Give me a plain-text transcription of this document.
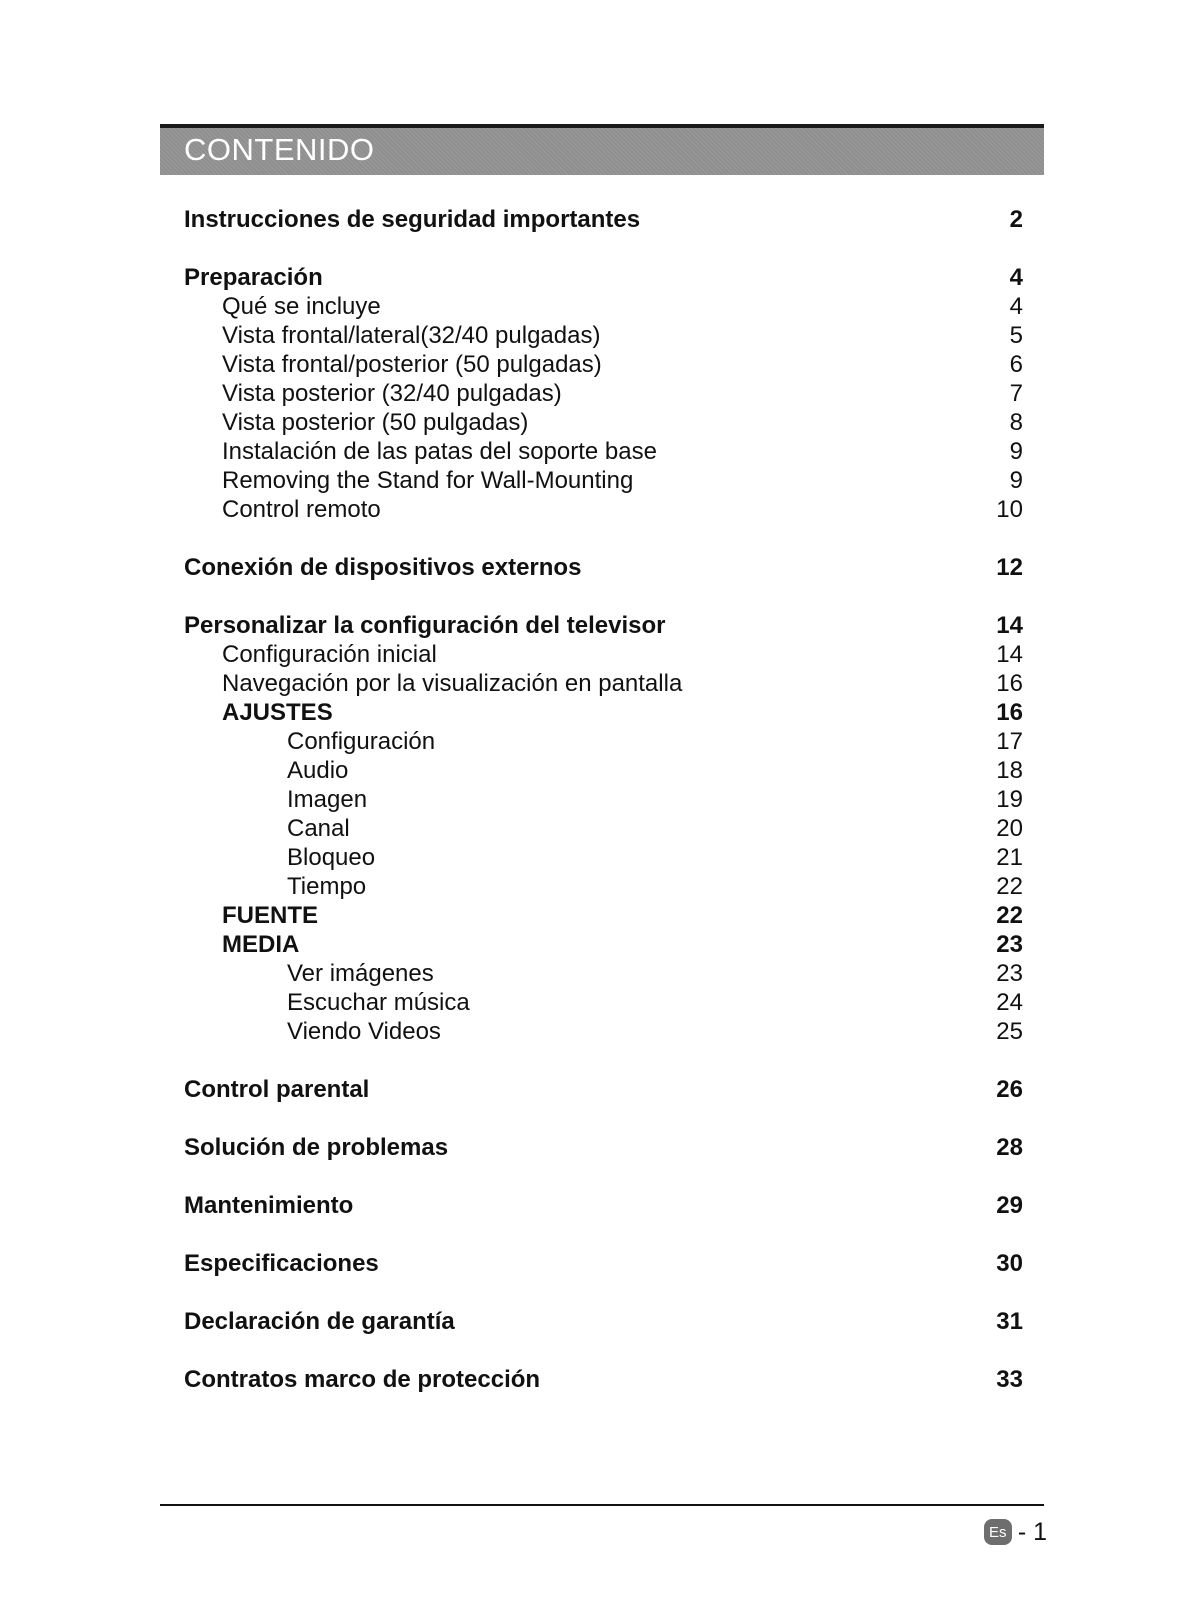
CONTENIDO
Instrucciones de seguridad importantes	2
Preparación	4
Qué se incluye	4
Vista frontal/lateral(32/40 pulgadas)	5
Vista frontal/posterior (50 pulgadas)	6
Vista posterior (32/40 pulgadas)	7
Vista posterior (50 pulgadas)	8
Instalación de las patas del soporte base	9
Removing the Stand for Wall-Mounting	9
Control remoto	10
Conexión de dispositivos externos	12
Personalizar la configuración del televisor	14
Configuración inicial	14
Navegación por la visualización en pantalla	16
AJUSTES	16
Configuración	17
Audio	18
Imagen	19
Canal	20
Bloqueo	21
Tiempo	22
FUENTE	22
MEDIA	23
Ver imágenes	23
Escuchar música	24
Viendo Videos	25
Control parental	26
Solución de problemas	28
Mantenimiento	29
Especificaciones	30
Declaración de garantía	31
Contratos marco de protección	33
Es - 1
